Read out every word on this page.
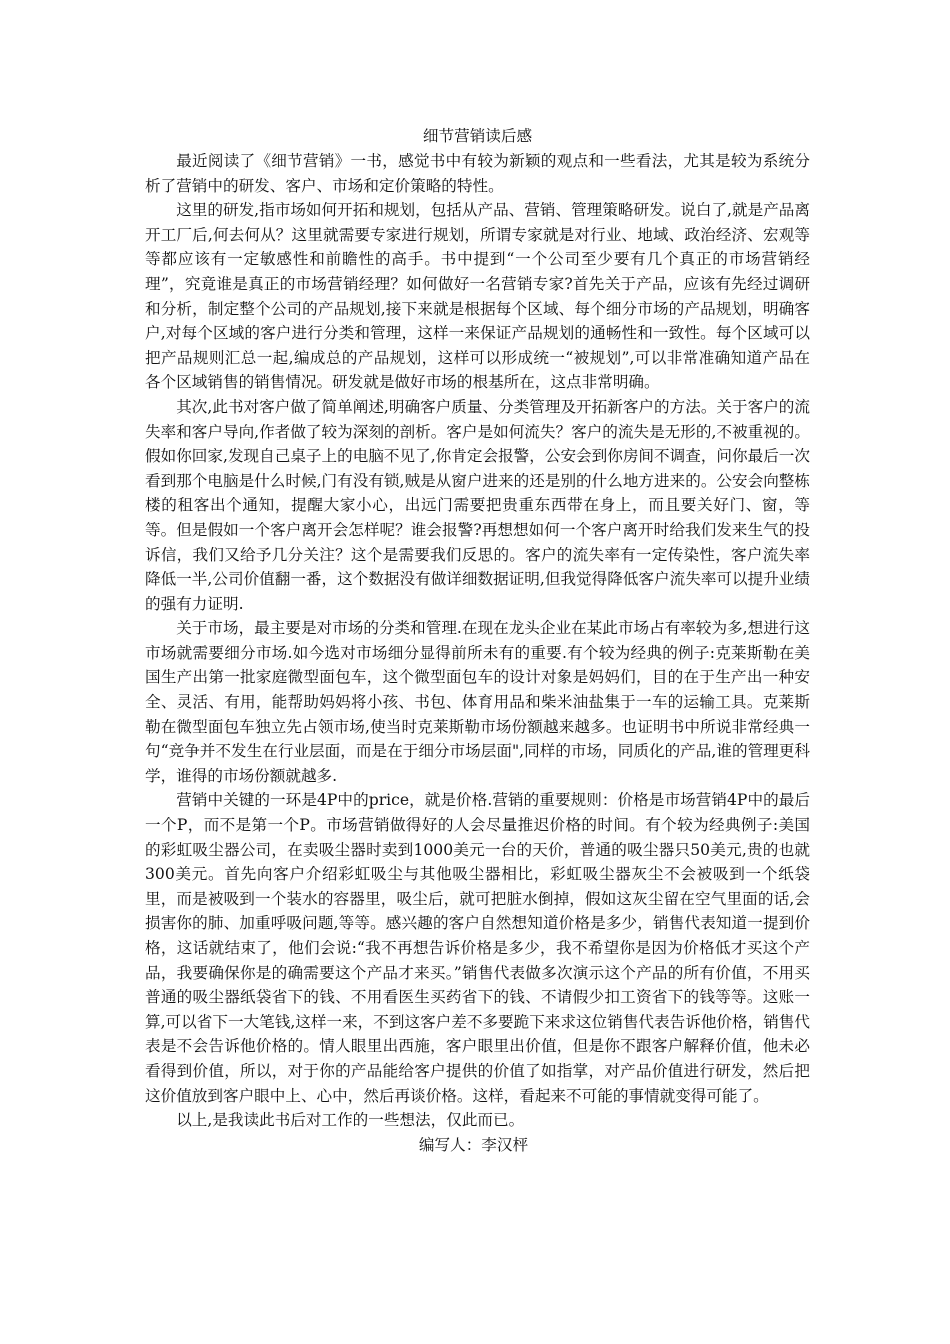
细节营销读后感

最近阅读了《细节营销》一书，感觉书中有较为新颖的观点和一些看法，尤其是较为系统分析了营销中的研发、客户、市场和定价策略的特性。

这里的研发,指市场如何开拓和规划，包括从产品、营销、管理策略研发。说白了,就是产品离开工厂后,何去何从？这里就需要专家进行规划，所谓专家就是对行业、地域、政治经济、宏观等等都应该有一定敏感性和前瞻性的高手。书中提到“一个公司至少要有几个真正的市场营销经理”，究竟谁是真正的市场营销经理？如何做好一名营销专家?首先关于产品，应该有先经过调研和分析，制定整个公司的产品规划,接下来就是根据每个区域、每个细分市场的产品规划，明确客户,对每个区域的客户进行分类和管理，这样一来保证产品规划的通畅性和一致性。每个区域可以把产品规则汇总一起,编成总的产品规划，这样可以形成统一“被规划”,可以非常准确知道产品在各个区域销售的销售情况。研发就是做好市场的根基所在，这点非常明确。

其次,此书对客户做了简单阐述,明确客户质量、分类管理及开拓新客户的方法。关于客户的流失率和客户导向,作者做了较为深刻的剖析。客户是如何流失？客户的流失是无形的,不被重视的。假如你回家,发现自己桌子上的电脑不见了,你肯定会报警，公安会到你房间不调查，问你最后一次看到那个电脑是什么时候,门有没有锁,贼是从窗户进来的还是别的什么地方进来的。公安会向整栋楼的租客出个通知，提醒大家小心，出远门需要把贵重东西带在身上，而且要关好门、窗，等等。但是假如一个客户离开会怎样呢？谁会报警?再想想如何一个客户离开时给我们发来生气的投诉信，我们又给予几分关注？这个是需要我们反思的。客户的流失率有一定传染性，客户流失率降低一半,公司价值翻一番，这个数据没有做详细数据证明,但我觉得降低客户流失率可以提升业绩的强有力证明.

关于市场，最主要是对市场的分类和管理.在现在龙头企业在某此市场占有率较为多,想进行这市场就需要细分市场.如今选对市场细分显得前所未有的重要.有个较为经典的例子:克莱斯勒在美国生产出第一批家庭微型面包车，这个微型面包车的设计对象是妈妈们，目的在于生产出一种安全、灵活、有用，能帮助妈妈将小孩、书包、体育用品和柴米油盐集于一车的运输工具。克莱斯勒在微型面包车独立先占领市场,使当时克莱斯勒市场份额越来越多。也证明书中所说非常经典一句“竞争并不发生在行业层面，而是在于细分市场层面",同样的市场，同质化的产品,谁的管理更科学，谁得的市场份额就越多.

营销中关键的一环是4P中的price，就是价格.营销的重要规则：价格是市场营销4P中的最后一个P，而不是第一个P。市场营销做得好的人会尽量推迟价格的时间。有个较为经典例子:美国的彩虹吸尘器公司，在卖吸尘器时卖到1000美元一台的天价，普通的吸尘器只50美元,贵的也就300美元。首先向客户介绍彩虹吸尘与其他吸尘器相比，彩虹吸尘器灰尘不会被吸到一个纸袋里，而是被吸到一个装水的容器里，吸尘后，就可把脏水倒掉，假如这灰尘留在空气里面的话,会损害你的肺、加重呼吸问题,等等。感兴趣的客户自然想知道价格是多少，销售代表知道一提到价格，这话就结束了，他们会说:“我不再想告诉价格是多少，我不希望你是因为价格低才买这个产品，我要确保你是的确需要这个产品才来买。”销售代表做多次演示这个产品的所有价值，不用买普通的吸尘器纸袋省下的钱、不用看医生买药省下的钱、不请假少扣工资省下的钱等等。这账一算,可以省下一大笔钱,这样一来，不到这客户差不多要跪下来求这位销售代表告诉他价格，销售代表是不会告诉他价格的。情人眼里出西施，客户眼里出价值，但是你不跟客户解释价值，他未必看得到价值，所以，对于你的产品能给客户提供的价值了如指掌，对产品价值进行研发，然后把这价值放到客户眼中上、心中，然后再谈价格。这样，看起来不可能的事情就变得可能了。

以上,是我读此书后对工作的一些想法，仅此而已。

编写人：李汉枰
